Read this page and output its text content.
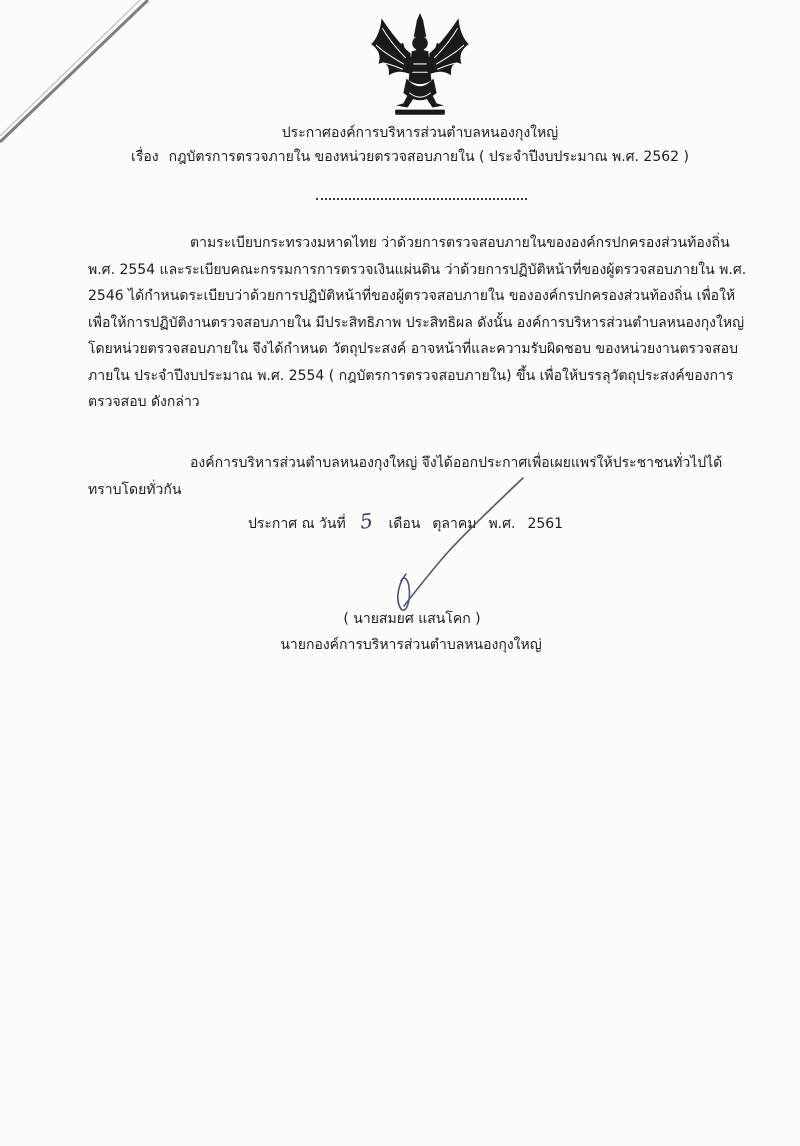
ประกาศองค์การบริหารส่วนตำบลหนองกุงใหญ่
เรื่อง กฎบัตรการตรวจภายใน ของหน่วยตรวจสอบภายใน ( ประจำปีงบประมาณ พ.ศ. 2562 )
ตามระเบียบกระทรวงมหาดไทย ว่าด้วยการตรวจสอบภายในขององค์กรปกครองส่วนท้องถิ่น
พ.ศ. 2554 และระเบียบคณะกรรมการการตรวจเงินแผ่นดิน ว่าด้วยการปฏิบัติหน้าที่ของผู้ตรวจสอบภายใน พ.ศ.
2546 ได้กำหนดระเบียบว่าด้วยการปฏิบัติหน้าที่ของผู้ตรวจสอบภายใน ขององค์กรปกครองส่วนท้องถิ่น เพื่อให้
เพื่อให้การปฏิบัติงานตรวจสอบภายใน มีประสิทธิภาพ ประสิทธิผล ดังนั้น องค์การบริหารส่วนตำบลหนองกุงใหญ่
โดยหน่วยตรวจสอบภายใน จึงได้กำหนด วัตถุประสงค์ อาจหน้าที่และความรับผิดชอบ ของหน่วยงานตรวจสอบ
ภายใน ประจำปีงบประมาณ พ.ศ. 2554 ( กฎบัตรการตรวจสอบภายใน) ขึ้น เพื่อให้บรรลุวัตถุประสงค์ของการ
ตรวจสอบ ดังกล่าว
องค์การบริหารส่วนตำบลหนองกุงใหญ่ จึงได้ออกประกาศเพื่อเผยแพร่ให้ประชาชนทั่วไปได้
ทราบโดยทั่วกัน
ประกาศ ณ วันที่ 5 เดือน ตุลาคม พ.ศ. 2561
( นายสมยศ แสนโคก )
นายกองค์การบริหารส่วนตำบลหนองกุงใหญ่
